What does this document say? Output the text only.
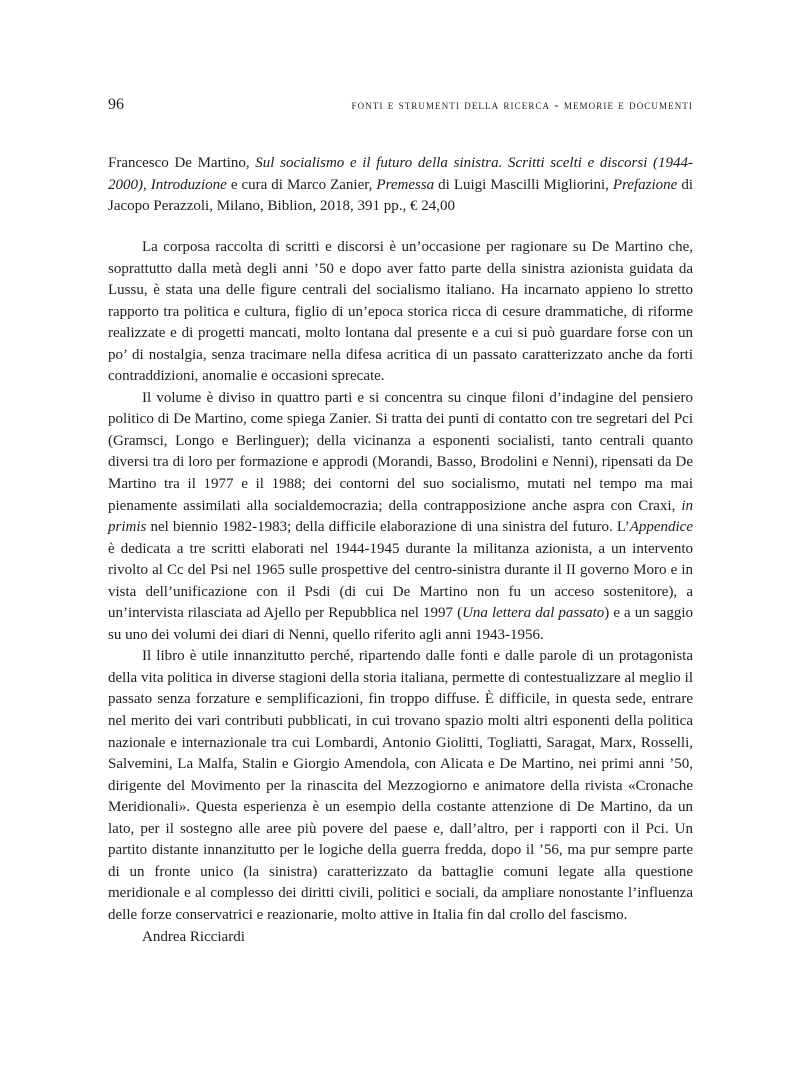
96	fonti e strumenti della ricerca - memorie e documenti

Francesco De Martino, Sul socialismo e il futuro della sinistra. Scritti scelti e discorsi (1944-2000), Introduzione e cura di Marco Zanier, Premessa di Luigi Mascilli Migliorini, Prefazione di Jacopo Perazzoli, Milano, Biblion, 2018, 391 pp., € 24,00

La corposa raccolta di scritti e discorsi è un’occasione per ragionare su De Martino che, soprattutto dalla metà degli anni ’50 e dopo aver fatto parte della sinistra azionista guidata da Lussu, è stata una delle figure centrali del socialismo italiano. Ha incarnato appieno lo stretto rapporto tra politica e cultura, figlio di un’epoca storica ricca di cesure drammatiche, di riforme realizzate e di progetti mancati, molto lontana dal presente e a cui si può guardare forse con un po’ di nostalgia, senza tracimare nella difesa acritica di un passato caratterizzato anche da forti contraddizioni, anomalie e occasioni sprecate.

Il volume è diviso in quattro parti e si concentra su cinque filoni d’indagine del pensiero politico di De Martino, come spiega Zanier. Si tratta dei punti di contatto con tre segretari del Pci (Gramsci, Longo e Berlinguer); della vicinanza a esponenti socialisti, tanto centrali quanto diversi tra di loro per formazione e approdi (Morandi, Basso, Brodolini e Nenni), ripensati da De Martino tra il 1977 e il 1988; dei contorni del suo socialismo, mutati nel tempo ma mai pienamente assimilati alla socialdemocrazia; della contrapposizione anche aspra con Craxi, in primis nel biennio 1982-1983; della difficile elaborazione di una sinistra del futuro. L’Appendice è dedicata a tre scritti elaborati nel 1944-1945 durante la militanza azionista, a un intervento rivolto al Cc del Psi nel 1965 sulle prospettive del centro-sinistra durante il II governo Moro e in vista dell’unificazione con il Psdi (di cui De Martino non fu un acceso sostenitore), a un’intervista rilasciata ad Ajello per Repubblica nel 1997 (Una lettera dal passato) e a un saggio su uno dei volumi dei diari di Nenni, quello riferito agli anni 1943-1956.

Il libro è utile innanzitutto perché, ripartendo dalle fonti e dalle parole di un protagonista della vita politica in diverse stagioni della storia italiana, permette di contestualizzare al meglio il passato senza forzature e semplificazioni, fin troppo diffuse. È difficile, in questa sede, entrare nel merito dei vari contributi pubblicati, in cui trovano spazio molti altri esponenti della politica nazionale e internazionale tra cui Lombardi, Antonio Giolitti, Togliatti, Saragat, Marx, Rosselli, Salvemini, La Malfa, Stalin e Giorgio Amendola, con Alicata e De Martino, nei primi anni ’50, dirigente del Movimento per la rinascita del Mezzogiorno e animatore della rivista «Cronache Meridionali». Questa esperienza è un esempio della costante attenzione di De Martino, da un lato, per il sostegno alle aree più povere del paese e, dall’altro, per i rapporti con il Pci. Un partito distante innanzitutto per le logiche della guerra fredda, dopo il ’56, ma pur sempre parte di un fronte unico (la sinistra) caratterizzato da battaglie comuni legate alla questione meridionale e al complesso dei diritti civili, politici e sociali, da ampliare nonostante l’influenza delle forze conservatrici e reazionarie, molto attive in Italia fin dal crollo del fascismo.

Andrea Ricciardi
